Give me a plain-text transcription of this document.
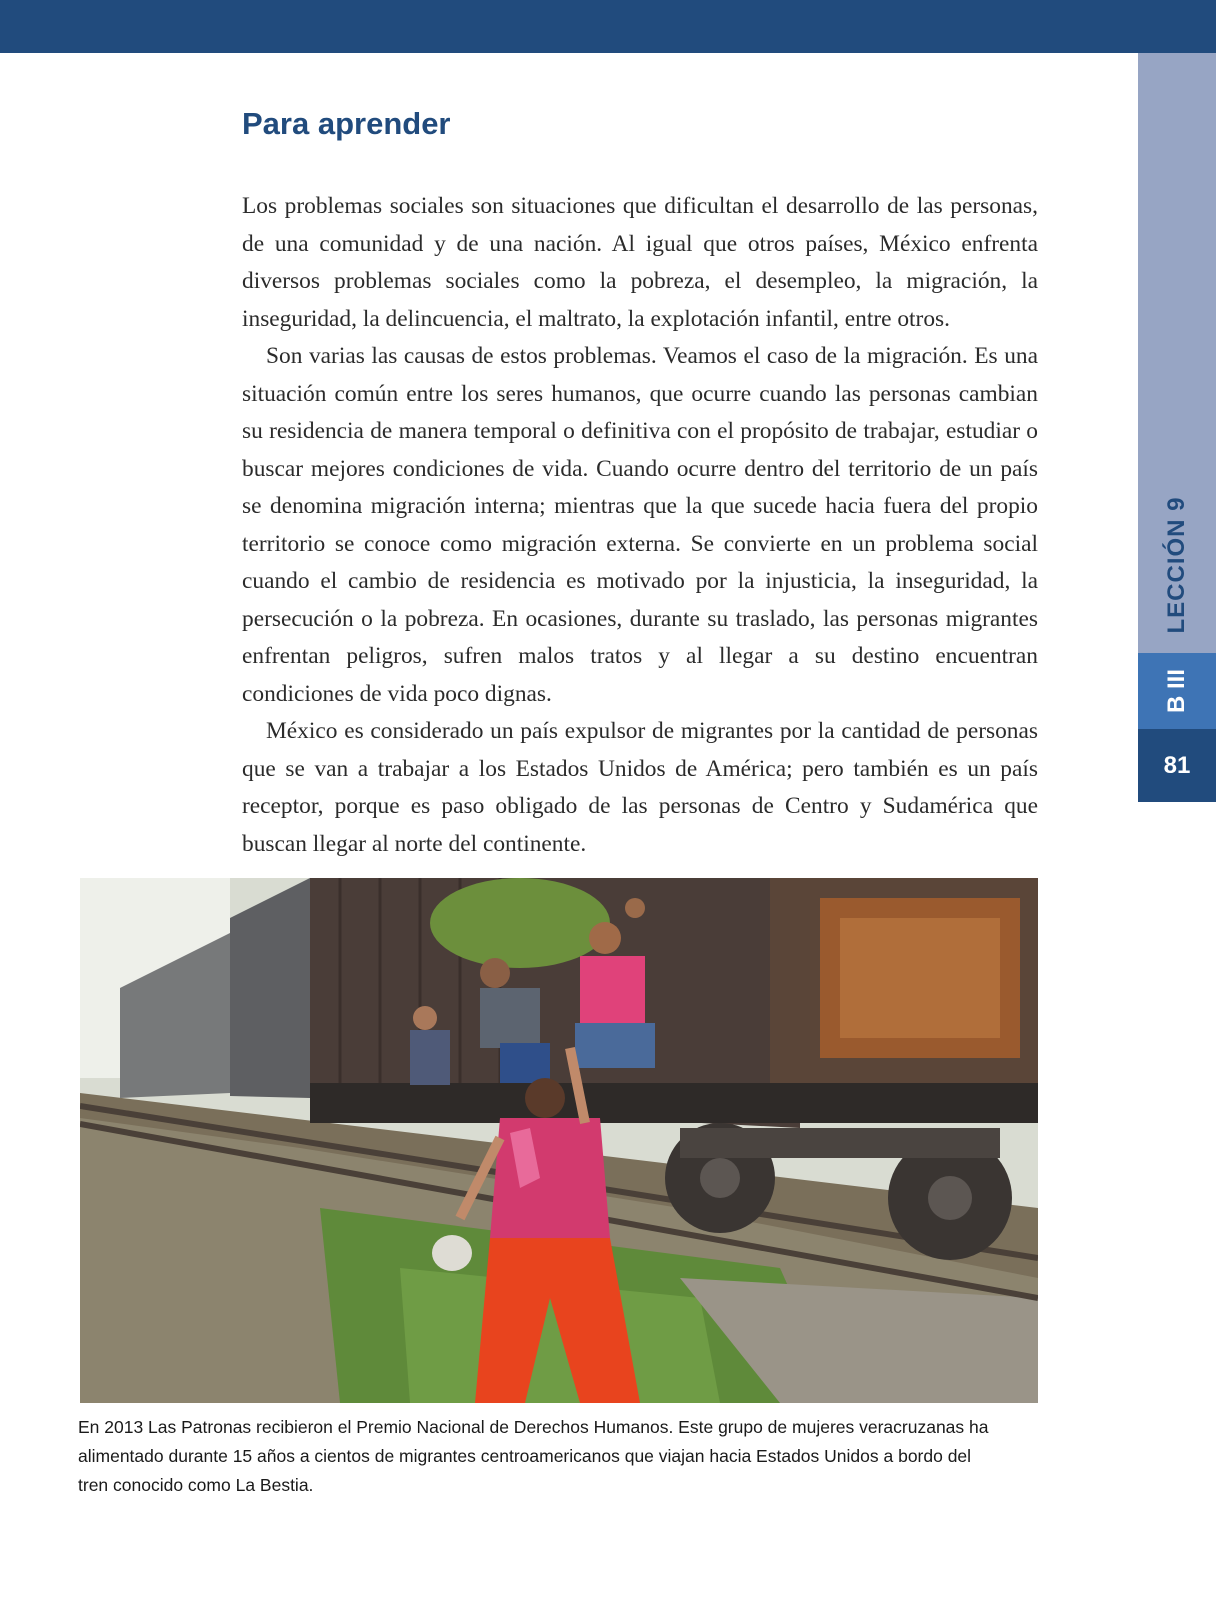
LECCIÓN 9
B III
81
Para aprender

Los problemas sociales son situaciones que dificultan el desarrollo de las personas, de una comunidad y de una nación. Al igual que otros países, México enfrenta diversos problemas sociales como la pobreza, el desempleo, la migración, la inseguridad, la delincuencia, el maltrato, la explotación infantil, entre otros.

Son varias las causas de estos problemas. Veamos el caso de la migración. Es una situación común entre los seres humanos, que ocurre cuando las personas cambian su residencia de manera temporal o definitiva con el propósito de trabajar, estudiar o buscar mejores condiciones de vida. Cuando ocurre dentro del territorio de un país se denomina migración interna; mientras que la que sucede hacia fuera del propio territorio se conoce como migración externa. Se convierte en un problema social cuando el cambio de residencia es motivado por la injusticia, la inseguridad, la persecución o la pobreza. En ocasiones, durante su traslado, las personas migrantes enfrentan peligros, sufren malos tratos y al llegar a su destino encuentran condiciones de vida poco dignas.

México es considerado un país expulsor de migrantes por la cantidad de personas que se van a trabajar a los Estados Unidos de América; pero también es un país receptor, porque es paso obligado de las personas de Centro y Sudamérica que buscan llegar al norte del continente.

En 2013 Las Patronas recibieron el Premio Nacional de Derechos Humanos. Este grupo de mujeres veracruzanas ha alimentado durante 15 años a cientos de migrantes centroamericanos que viajan hacia Estados Unidos a bordo del tren conocido como La Bestia.
